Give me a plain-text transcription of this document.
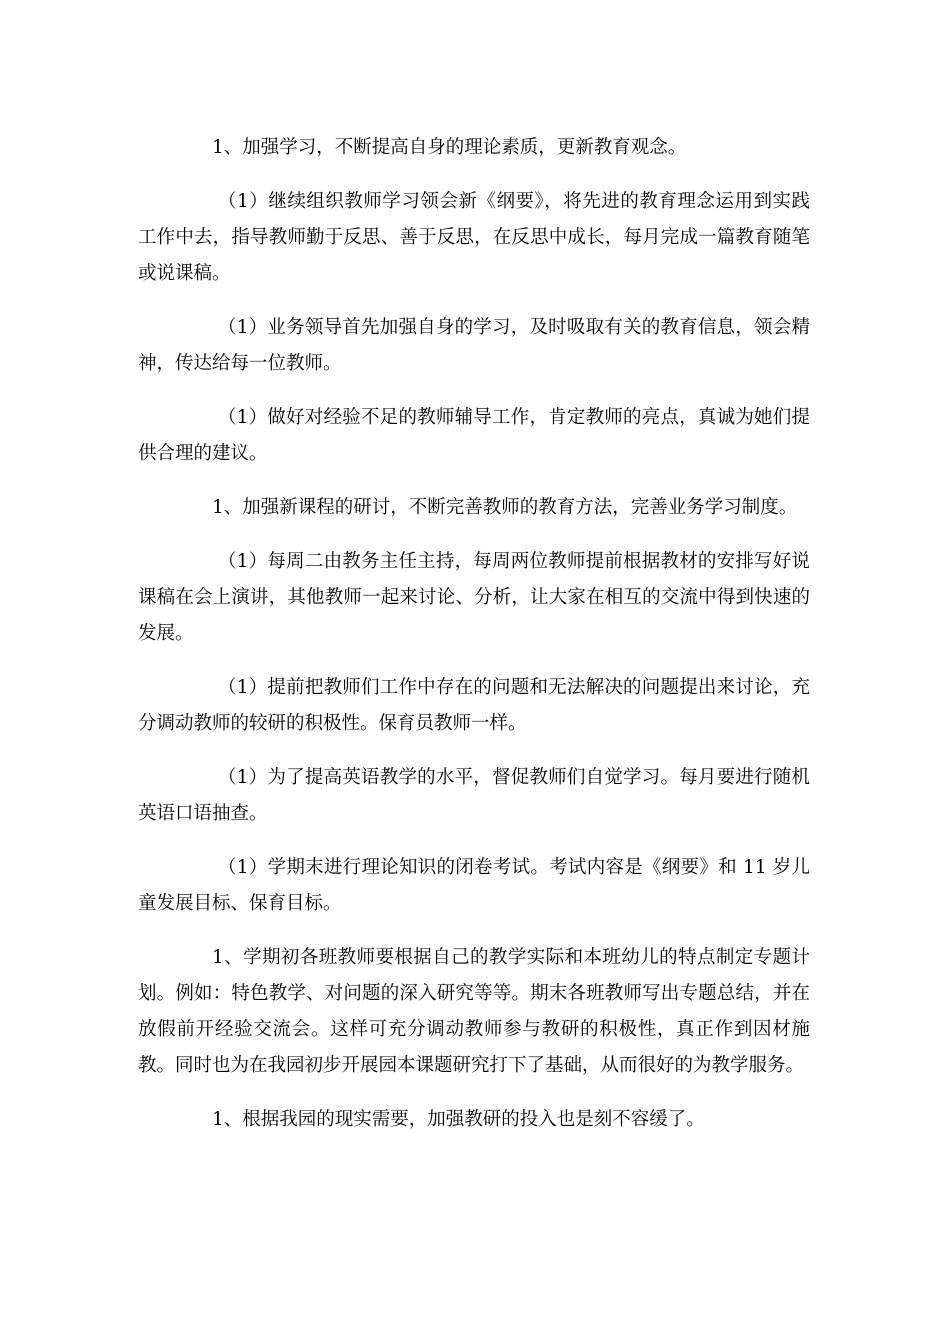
1、加强学习，不断提高自身的理论素质，更新教育观念。

（1）继续组织教师学习领会新《纲要》，将先进的教育理念运用到实践工作中去，指导教师勤于反思、善于反思，在反思中成长，每月完成一篇教育随笔或说课稿。

（1）业务领导首先加强自身的学习，及时吸取有关的教育信息，领会精神，传达给每一位教师。

（1）做好对经验不足的教师辅导工作，肯定教师的亮点，真诚为她们提供合理的建议。

1、加强新课程的研讨，不断完善教师的教育方法，完善业务学习制度。

（1）每周二由教务主任主持，每周两位教师提前根据教材的安排写好说课稿在会上演讲，其他教师一起来讨论、分析，让大家在相互的交流中得到快速的发展。

（1）提前把教师们工作中存在的问题和无法解决的问题提出来讨论，充分调动教师的较研的积极性。保育员教师一样。

（1）为了提高英语教学的水平，督促教师们自觉学习。每月要进行随机英语口语抽查。

（1）学期末进行理论知识的闭卷考试。考试内容是《纲要》和 11 岁儿童发展目标、保育目标。

1、学期初各班教师要根据自己的教学实际和本班幼儿的特点制定专题计划。例如：特色教学、对问题的深入研究等等。期末各班教师写出专题总结，并在放假前开经验交流会。这样可充分调动教师参与教研的积极性，真正作到因材施教。同时也为在我园初步开展园本课题研究打下了基础，从而很好的为教学服务。

1、根据我园的现实需要，加强教研的投入也是刻不容缓了。
